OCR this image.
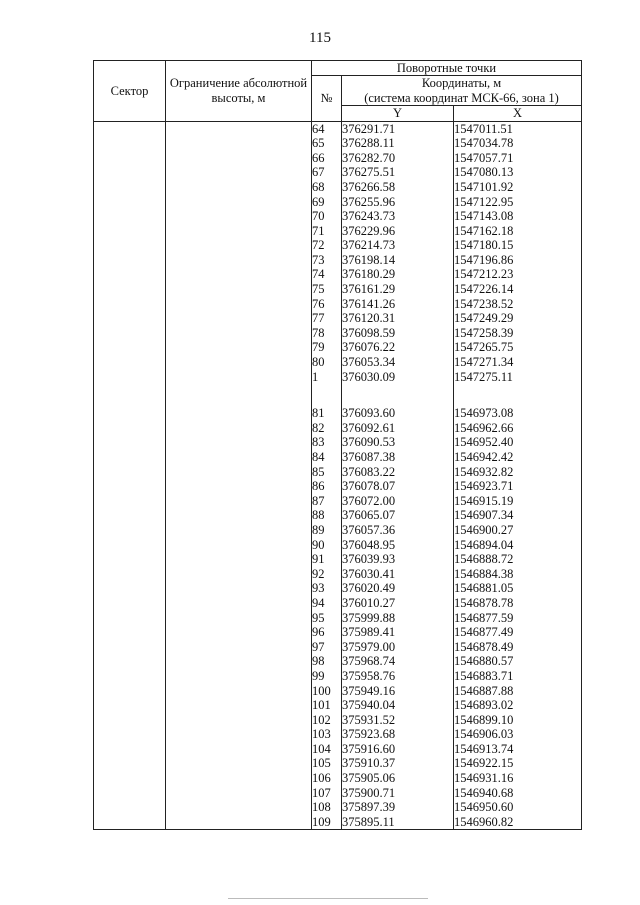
115
Сектор	Ограничение абсолютной высоты, м	Поворотные точки		
		№	Координаты, м
(система координат МСК-66, зона 1)	

			Y	X
		64	376291.71	1547011.51
		65	376288.11	1547034.78
		66	376282.70	1547057.71
		67	376275.51	1547080.13
		68	376266.58	1547101.92
		69	376255.96	1547122.95
		70	376243.73	1547143.08
		71	376229.96	1547162.18
		72	376214.73	1547180.15
		73	376198.14	1547196.86
		74	376180.29	1547212.23
		75	376161.29	1547226.14
		76	376141.26	1547238.52
		77	376120.31	1547249.29
		78	376098.59	1547258.39
		79	376076.22	1547265.75
		80	376053.34	1547271.34
		1	376030.09	1547275.11

		81	376093.60	1546973.08
		82	376092.61	1546962.66
		83	376090.53	1546952.40
		84	376087.38	1546942.42
		85	376083.22	1546932.82
		86	376078.07	1546923.71
		87	376072.00	1546915.19
		88	376065.07	1546907.34
		89	376057.36	1546900.27
		90	376048.95	1546894.04
		91	376039.93	1546888.72
		92	376030.41	1546884.38
		93	376020.49	1546881.05
		94	376010.27	1546878.78
		95	375999.88	1546877.59
		96	375989.41	1546877.49
		97	375979.00	1546878.49
		98	375968.74	1546880.57
		99	375958.76	1546883.71
		100	375949.16	1546887.88
		101	375940.04	1546893.02
		102	375931.52	1546899.10
		103	375923.68	1546906.03
		104	375916.60	1546913.74
		105	375910.37	1546922.15
		106	375905.06	1546931.16
		107	375900.71	1546940.68
		108	375897.39	1546950.60
		109	375895.11	1546960.82
